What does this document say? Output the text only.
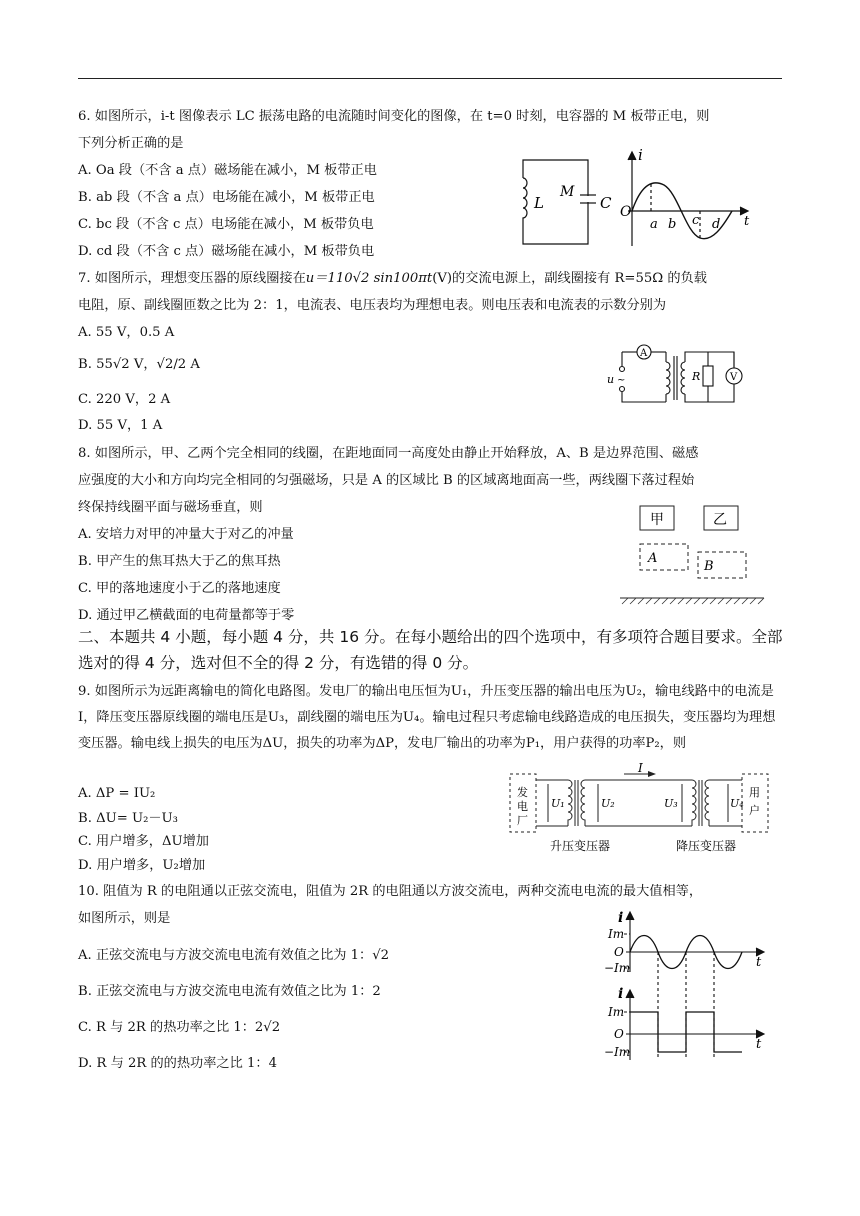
6. 如图所示，i-t 图像表示 LC 振荡电路的电流随时间变化的图像，在 t=0 时刻，电容器的 M 板带正电，则
下列分析正确的是
A. Oa 段（不含 a 点）磁场能在减小，M 板带正电
B. ab 段（不含 a 点）电场能在减小，M 板带正电
C. bc 段（不含 c 点）电场能在减小，M 板带负电
D. cd 段（不含 c 点）磁场能在减小，M 板带负电
L
M
C
i
O
a b c d t
7. 如图所示，理想变压器的原线圈接在u＝110√2 sin100πt(V)的交流电源上，副线圈接有 R=55Ω 的负载
电阻，原、副线圈匝数之比为 2：1，电流表、电压表均为理想电表。则电压表和电流表的示数分别为
A. 55 V，0.5 A
B. 55√2 V，√2/2 A
C. 220 V，2 A
D. 55 V，1 A
A
u ~	R	V
8. 如图所示，甲、乙两个完全相同的线圈，在距地面同一高度处由静止开始释放，A、B 是边界范围、磁感
应强度的大小和方向均完全相同的匀强磁场，只是 A 的区域比 B 的区域离地面高一些，两线圈下落过程始
终保持线圈平面与磁场垂直，则
A. 安培力对甲的冲量大于对乙的冲量
B. 甲产生的焦耳热大于乙的焦耳热
C. 甲的落地速度小于乙的落地速度
D. 通过甲乙横截面的电荷量都等于零
甲	乙
A
B
二、本题共 4 小题，每小题 4 分，共 16 分。在每小题给出的四个选项中，有多项符合题目要求。全部选对的得 4 分，选对但不全的得 2 分，有选错的得 0 分。
9. 如图所示为远距离输电的简化电路图。发电厂的输出电压恒为U₁，升压变压器的输出电压为U₂，输电线路中的电流是I，降压变压器原线圈的端电压是U₃，副线圈的端电压为U₄。输电过程只考虑输电线路造成的电压损失，变压器均为理想变压器。输电线上损失的电压为ΔU，损失的功率为ΔP，发电厂输出的功率为P₁，用户获得的功率P₂，则
A. ΔP = IU₂
B. ΔU= U₂－U₃
C. 用户增多，ΔU增加
D. 用户增多，U₂增加
发电厂
用户
I
U₁	U₂	U₃	U₄
升压变压器	降压变压器
10. 阻值为 R 的电阻通以正弦交流电，阻值为 2R 的电阻通以方波交流电，两种交流电电流的最大值相等，
如图所示，则是
A. 正弦交流电与方波交流电电流有效值之比为 1：√2
B. 正弦交流电与方波交流电电流有效值之比为 1：2
C. R 与 2R 的热功率之比 1：2√2
D. R 与 2R 的的热功率之比 1：4
i
Im
O
−Im	t
i
Im
O
−Im	t
